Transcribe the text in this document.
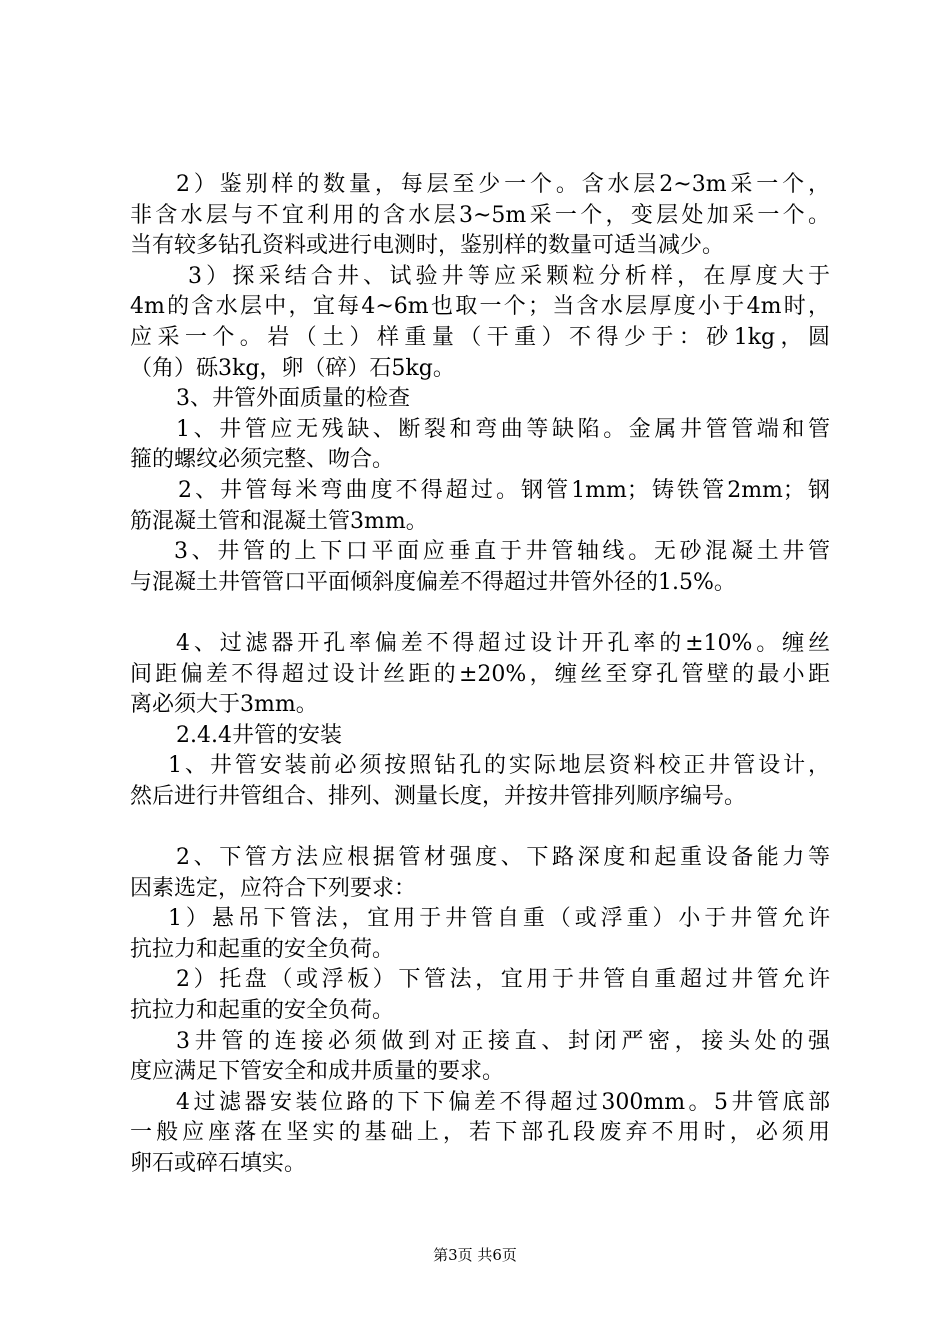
2）鉴别样的数量，每层至少一个。含水层2~3m采一个，
非含水层与不宜利用的含水层3~5m采一个，变层处加采一个。
当有较多钻孔资料或进行电测时，鉴别样的数量可适当减少。
3）探采结合井、试验井等应采颗粒分析样，在厚度大于
4m的含水层中，宜每4~6m也取一个；当含水层厚度小于4m时，
应采一个。岩（土）样重量（干重）不得少于：砂1kg，圆
（角）砾3kg，卵（碎）石5kg。
3、井管外面质量的检查
1、井管应无残缺、断裂和弯曲等缺陷。金属井管管端和管
箍的螺纹必须完整、吻合。
2、井管每米弯曲度不得超过。钢管1mm；铸铁管2mm；钢
筋混凝土管和混凝土管3mm。
3、井管的上下口平面应垂直于井管轴线。无砂混凝土井管
与混凝土井管管口平面倾斜度偏差不得超过井管外径的1.5%。
4、过滤器开孔率偏差不得超过设计开孔率的±10%。缠丝
间距偏差不得超过设计丝距的±20%，缠丝至穿孔管壁的最小距
离必须大于3mm。
2.4.4井管的安装
1、井管安装前必须按照钻孔的实际地层资料校正井管设计，
然后进行井管组合、排列、测量长度，并按井管排列顺序编号。
2、下管方法应根据管材强度、下路深度和起重设备能力等
因素选定，应符合下列要求：
1）悬吊下管法，宜用于井管自重（或浮重）小于井管允许
抗拉力和起重的安全负荷。
2）托盘（或浮板）下管法，宜用于井管自重超过井管允许
抗拉力和起重的安全负荷。
3井管的连接必须做到对正接直、封闭严密，接头处的强
度应满足下管安全和成井质量的要求。
4过滤器安装位路的下下偏差不得超过300mm。5井管底部
一般应座落在坚实的基础上，若下部孔段废弃不用时，必须用
卵石或碎石填实。
第3页 共6页
